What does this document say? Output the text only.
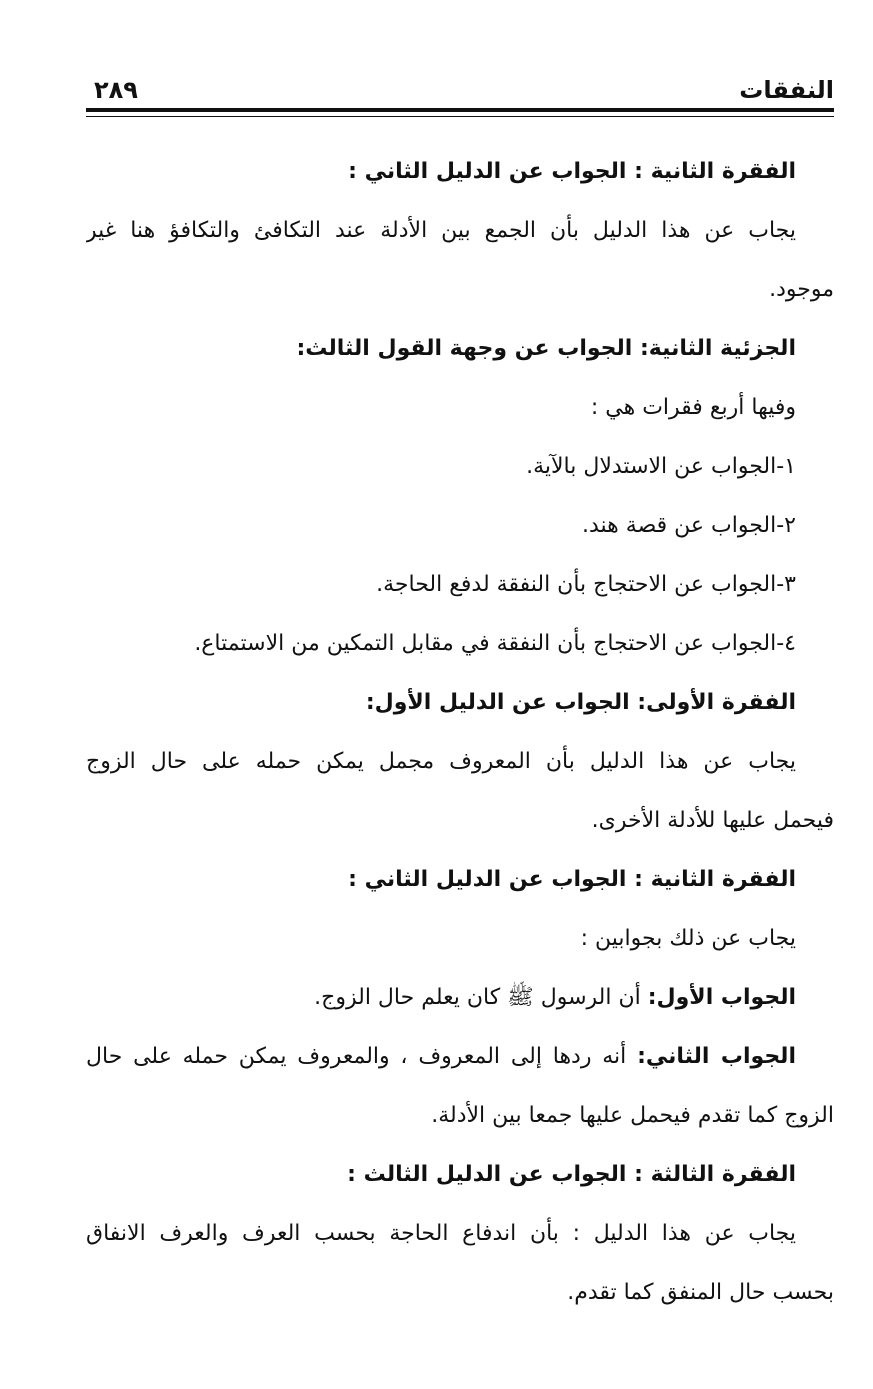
النفقات
٢٨٩
الفقرة الثانية : الجواب عن الدليل الثاني :
يجاب عن هذا الدليل بأن الجمع بين الأدلة عند التكافئ والتكافؤ هنا غير
موجود.
الجزئية الثانية: الجواب عن وجهة القول الثالث:
وفيها أربع فقرات هي :
١-الجواب عن الاستدلال بالآية.
٢-الجواب عن قصة هند.
٣-الجواب عن الاحتجاج بأن النفقة لدفع الحاجة.
٤-الجواب عن الاحتجاج بأن النفقة في مقابل التمكين من الاستمتاع.
الفقرة الأولى: الجواب عن الدليل الأول:
يجاب عن هذا الدليل بأن المعروف مجمل يمكن حمله على حال الزوج
فيحمل عليها للأدلة الأخرى.
الفقرة الثانية : الجواب عن الدليل الثاني :
يجاب عن ذلك بجوابين :
الجواب الأول: أن الرسول ﷺ كان يعلم حال الزوج.
الجواب الثاني: أنه ردها إلى المعروف ، والمعروف يمكن حمله على حال
الزوج كما تقدم فيحمل عليها جمعا بين الأدلة.
الفقرة الثالثة : الجواب عن الدليل الثالث :
يجاب عن هذا الدليل : بأن اندفاع الحاجة بحسب العرف والعرف الانفاق
بحسب حال المنفق كما تقدم.
